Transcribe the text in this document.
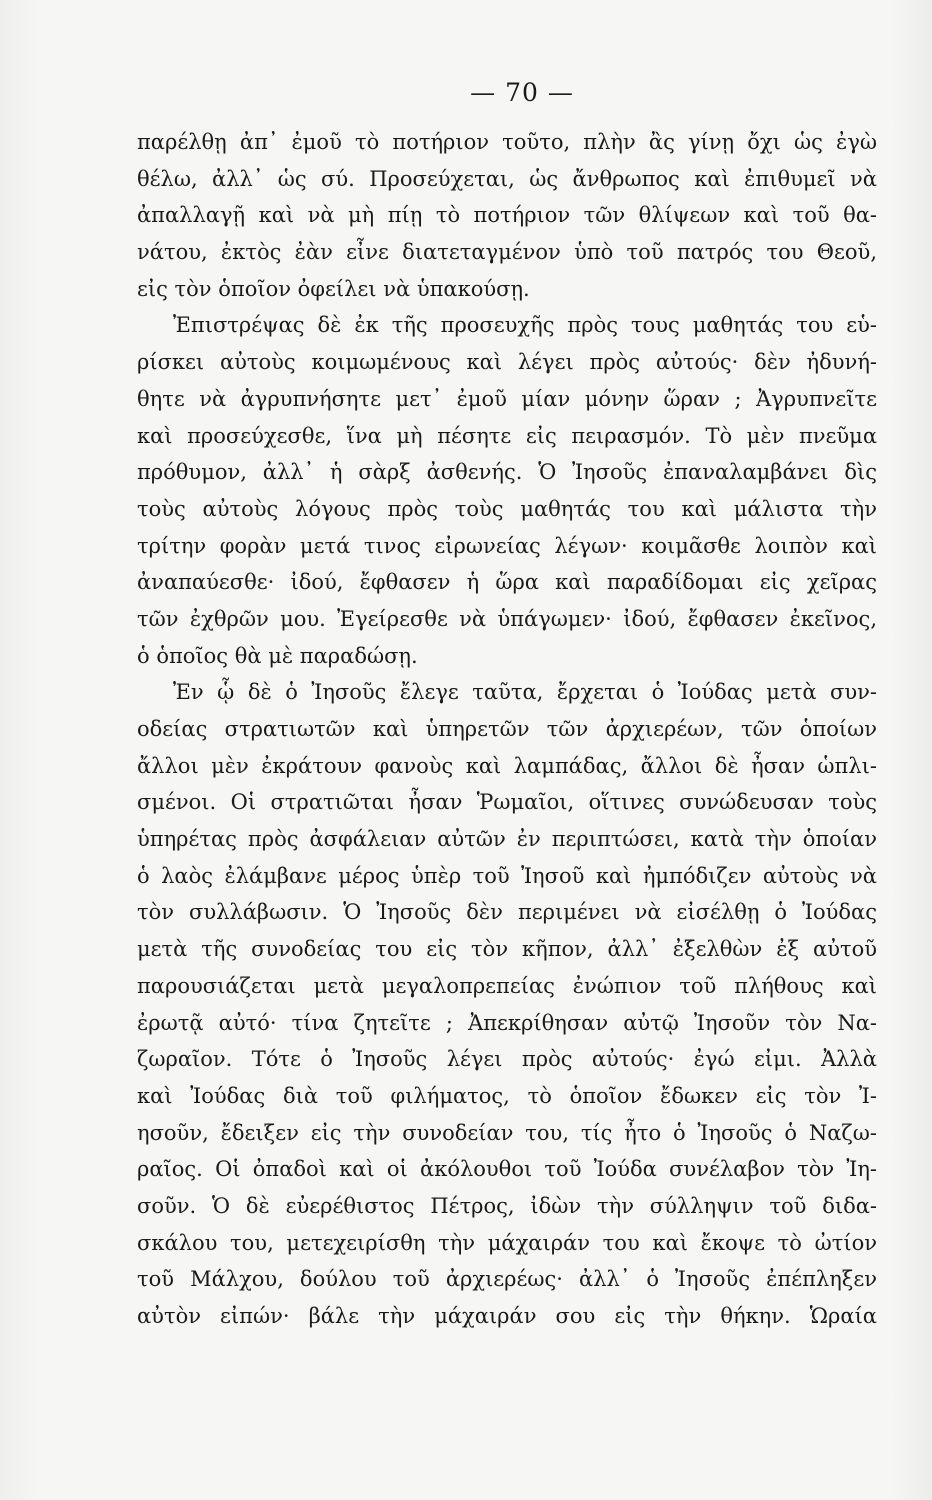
— 70 —
παρέλθῃ ἀπ᾽ ἐμοῦ τὸ ποτήριον τοῦτο, πλὴν ἂς γίνῃ ὄχι ὡς ἐγὼ
θέλω, ἀλλ᾽ ὡς σύ. Προσεύχεται, ὡς ἄνθρωπος καὶ ἐπιθυμεῖ νὰ
ἀπαλλαγῇ καὶ νὰ μὴ πίῃ τὸ ποτήριον τῶν θλίψεων καὶ τοῦ θα-
νάτου, ἐκτὸς ἐὰν εἶνε διατεταγμένον ὑπὸ τοῦ πατρός του Θεοῦ,
εἰς τὸν ὁποῖον ὀφείλει νὰ ὑπακούσῃ.
Ἐπιστρέψας δὲ ἐκ τῆς προσευχῆς πρὸς τους μαθητάς του εὑ-
ρίσκει αὐτοὺς κοιμωμένους καὶ λέγει πρὸς αὐτούς· δὲν ἠδυνή-
θητε νὰ ἀγρυπνήσητε μετ᾽ ἐμοῦ μίαν μόνην ὥραν ; Ἀγρυπνεῖτε
καὶ προσεύχεσθε, ἵνα μὴ πέσητε εἰς πειρασμόν. Τὸ μὲν πνεῦμα
πρόθυμον, ἀλλ᾽ ἡ σὰρξ ἀσθενής. Ὁ Ἰησοῦς ἐπαναλαμβάνει δὶς
τοὺς αὐτοὺς λόγους πρὸς τοὺς μαθητάς του καὶ μάλιστα τὴν
τρίτην φορὰν μετά τινος εἰρωνείας λέγων· κοιμᾶσθε λοιπὸν καὶ
ἀναπαύεσθε· ἰδού, ἔφθασεν ἡ ὥρα καὶ παραδίδομαι εἰς χεῖρας
τῶν ἐχθρῶν μου. Ἐγείρεσθε νὰ ὑπάγωμεν· ἰδού, ἔφθασεν ἐκεῖνος,
ὁ ὁποῖος θὰ μὲ παραδώσῃ.
Ἐν ᾧ δὲ ὁ Ἰησοῦς ἔλεγε ταῦτα, ἔρχεται ὁ Ἰούδας μετὰ συν-
οδείας στρατιωτῶν καὶ ὑπηρετῶν τῶν ἀρχιερέων, τῶν ὁποίων
ἄλλοι μὲν ἐκράτουν φανοὺς καὶ λαμπάδας, ἄλλοι δὲ ἦσαν ὡπλι-
σμένοι. Οἱ στρατιῶται ἦσαν Ῥωμαῖοι, οἵτινες συνώδευσαν τοὺς
ὑπηρέτας πρὸς ἀσφάλειαν αὐτῶν ἐν περιπτώσει, κατὰ τὴν ὁποίαν
ὁ λαὸς ἐλάμβανε μέρος ὑπὲρ τοῦ Ἰησοῦ καὶ ἠμπόδιζεν αὐτοὺς νὰ
τὸν συλλάβωσιν. Ὁ Ἰησοῦς δὲν περιμένει νὰ εἰσέλθῃ ὁ Ἰούδας
μετὰ τῆς συνοδείας του εἰς τὸν κῆπον, ἀλλ᾽ ἐξελθὼν ἐξ αὐτοῦ
παρουσιάζεται μετὰ μεγαλοπρεπείας ἐνώπιον τοῦ πλήθους καὶ
ἐρωτᾷ αὐτό· τίνα ζητεῖτε ; Ἀπεκρίθησαν αὐτῷ Ἰησοῦν τὸν Να-
ζωραῖον. Τότε ὁ Ἰησοῦς λέγει πρὸς αὐτούς· ἐγώ εἰμι. Ἀλλὰ
καὶ Ἰούδας διὰ τοῦ φιλήματος, τὸ ὁποῖον ἔδωκεν εἰς τὸν Ἰ-
ησοῦν, ἔδειξεν εἰς τὴν συνοδείαν του, τίς ἦτο ὁ Ἰησοῦς ὁ Ναζω-
ραῖος. Οἱ ὀπαδοὶ καὶ οἱ ἀκόλουθοι τοῦ Ἰούδα συνέλαβον τὸν Ἰη-
σοῦν. Ὁ δὲ εὐερέθιστος Πέτρος, ἰδὼν τὴν σύλληψιν τοῦ διδα-
σκάλου του, μετεχειρίσθη τὴν μάχαιράν του καὶ ἔκοψε τὸ ὠτίον
τοῦ Μάλχου, δούλου τοῦ ἀρχιερέως· ἀλλ᾽ ὁ Ἰησοῦς ἐπέπληξεν
αὐτὸν εἰπών· βάλε τὴν μάχαιράν σου εἰς τὴν θήκην. Ὡραία
